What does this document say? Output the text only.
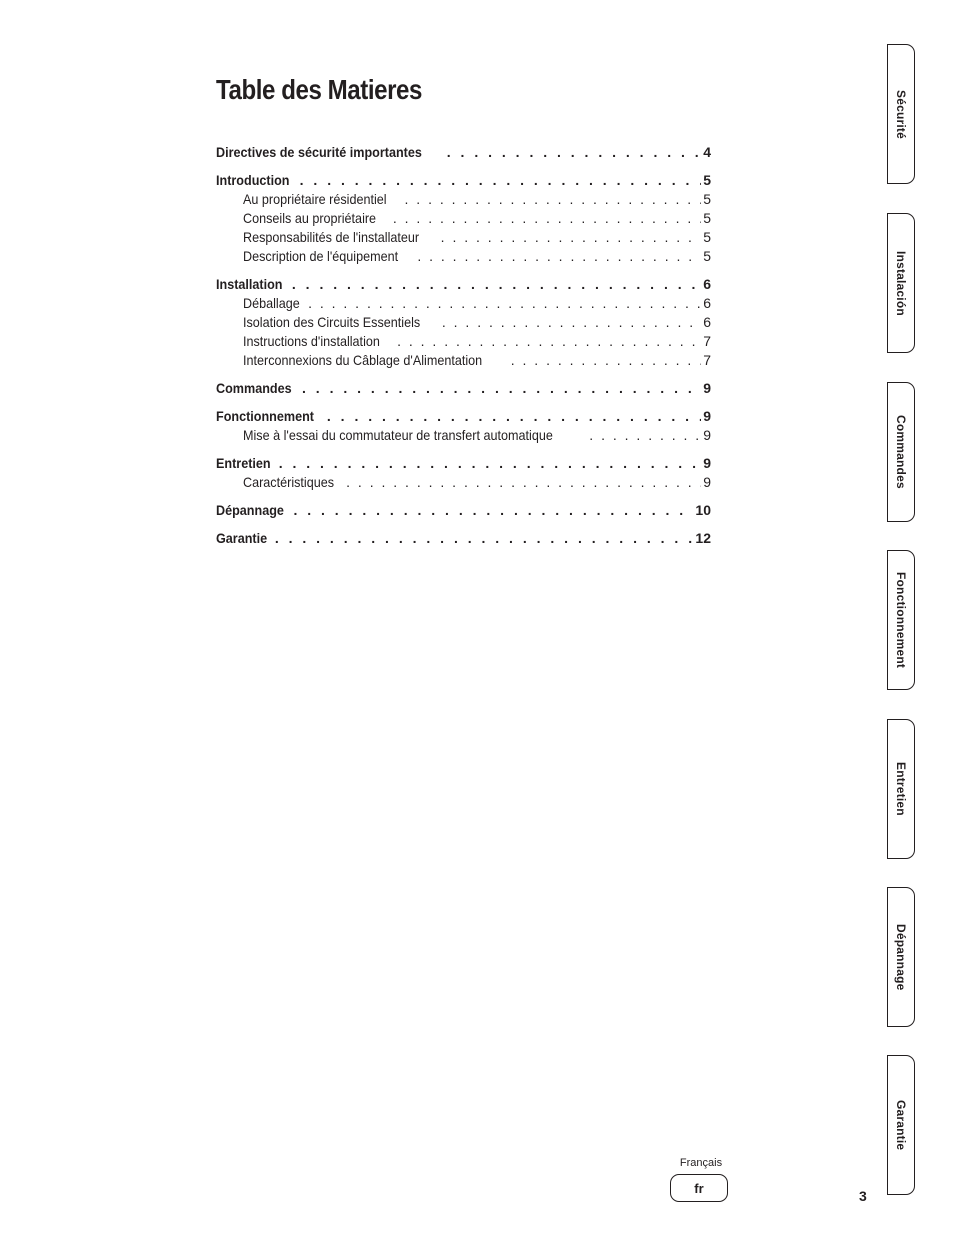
Table des Matieres
Directives de sécurité importantes . . .	4
Introduction . . .	5
Au propriétaire résidentiel . . .	5
Conseils au propriétaire . . .	5
Responsabilités de l'installateur . . .	5
Description de l'équipement . . .	5
Installation . . .	6
Déballage . . .	6
Isolation des Circuits Essentiels . . .	6
Instructions d'installation . . .	7
Interconnexions du Câblage d'Alimentation . . .	7
Commandes . . .	9
Fonctionnement . . .	9
Mise à l'essai du commutateur de transfert automatique . . .	9
Entretien . . .	9
Caractéristiques . . .	9
Dépannage . . .	10
Garantie . . .	12
Sécurité
Instalación
Commandes
Fonctionnement
Entretien
Dépannage
Garantie
Français
fr	3
